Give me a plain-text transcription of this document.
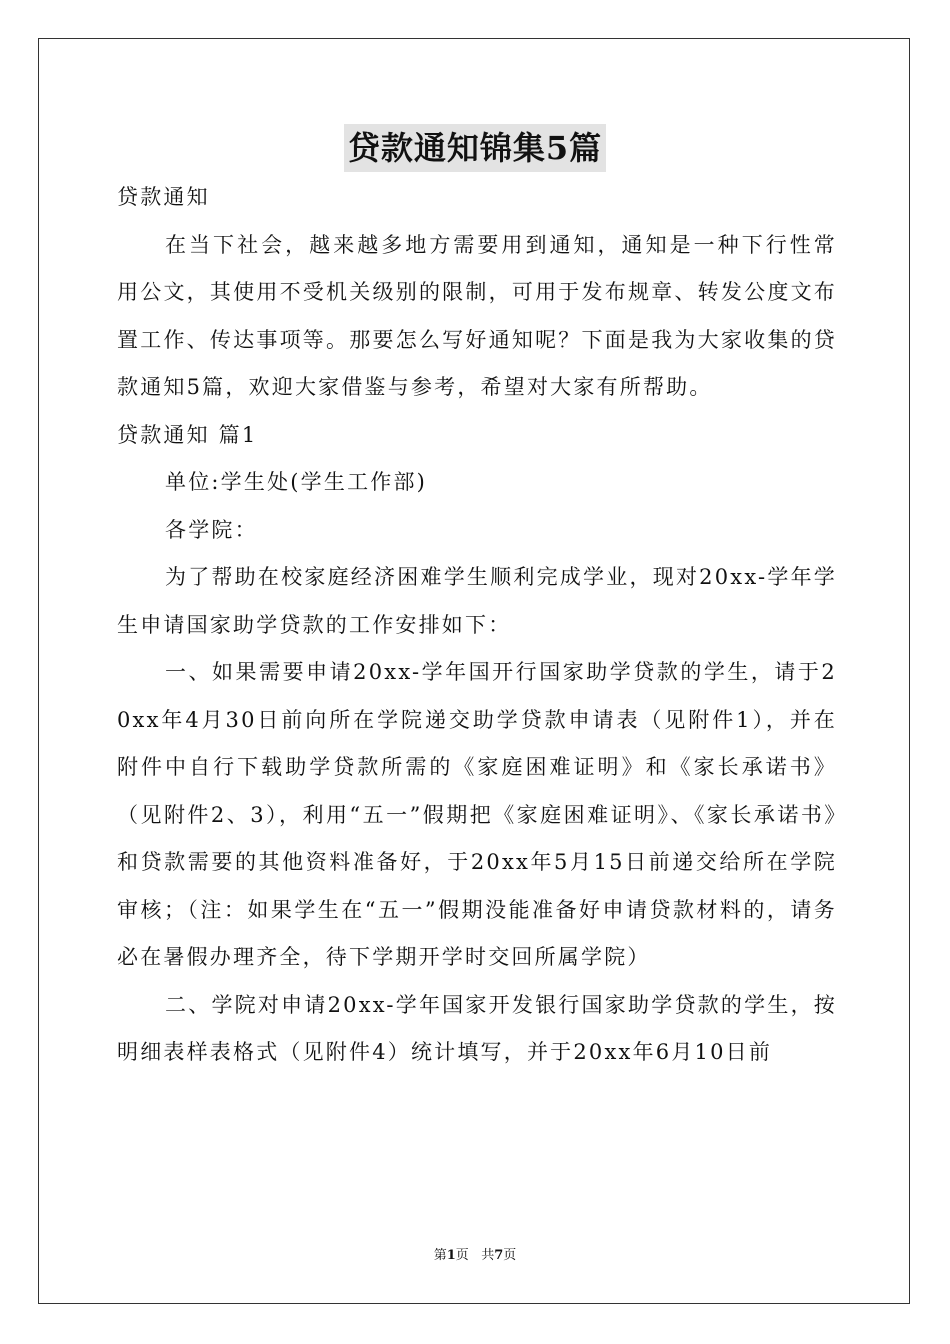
贷款通知锦集5篇

贷款通知

在当下社会，越来越多地方需要用到通知，通知是一种下行性常用公文，其使用不受机关级别的限制，可用于发布规章、转发公度文布置工作、传达事项等。那要怎么写好通知呢？下面是我为大家收集的贷款通知5篇，欢迎大家借鉴与参考，希望对大家有所帮助。

贷款通知 篇1

单位:学生处(学生工作部)

各学院：

为了帮助在校家庭经济困难学生顺利完成学业，现对20xx-学年学生申请国家助学贷款的工作安排如下：

一、如果需要申请20xx-学年国开行国家助学贷款的学生，请于20xx年4月30日前向所在学院递交助学贷款申请表（见附件1），并在附件中自行下载助学贷款所需的《家庭困难证明》和《家长承诺书》（见附件2、3），利用“五一”假期把《家庭困难证明》、《家长承诺书》和贷款需要的其他资料准备好，于20xx年5月15日前递交给所在学院审核；（注：如果学生在“五一”假期没能准备好申请贷款材料的，请务必在暑假办理齐全，待下学期开学时交回所属学院）

二、学院对申请20xx-学年国家开发银行国家助学贷款的学生，按明细表样表格式（见附件4）统计填写，并于20xx年6月10日前

第1页 共7页
